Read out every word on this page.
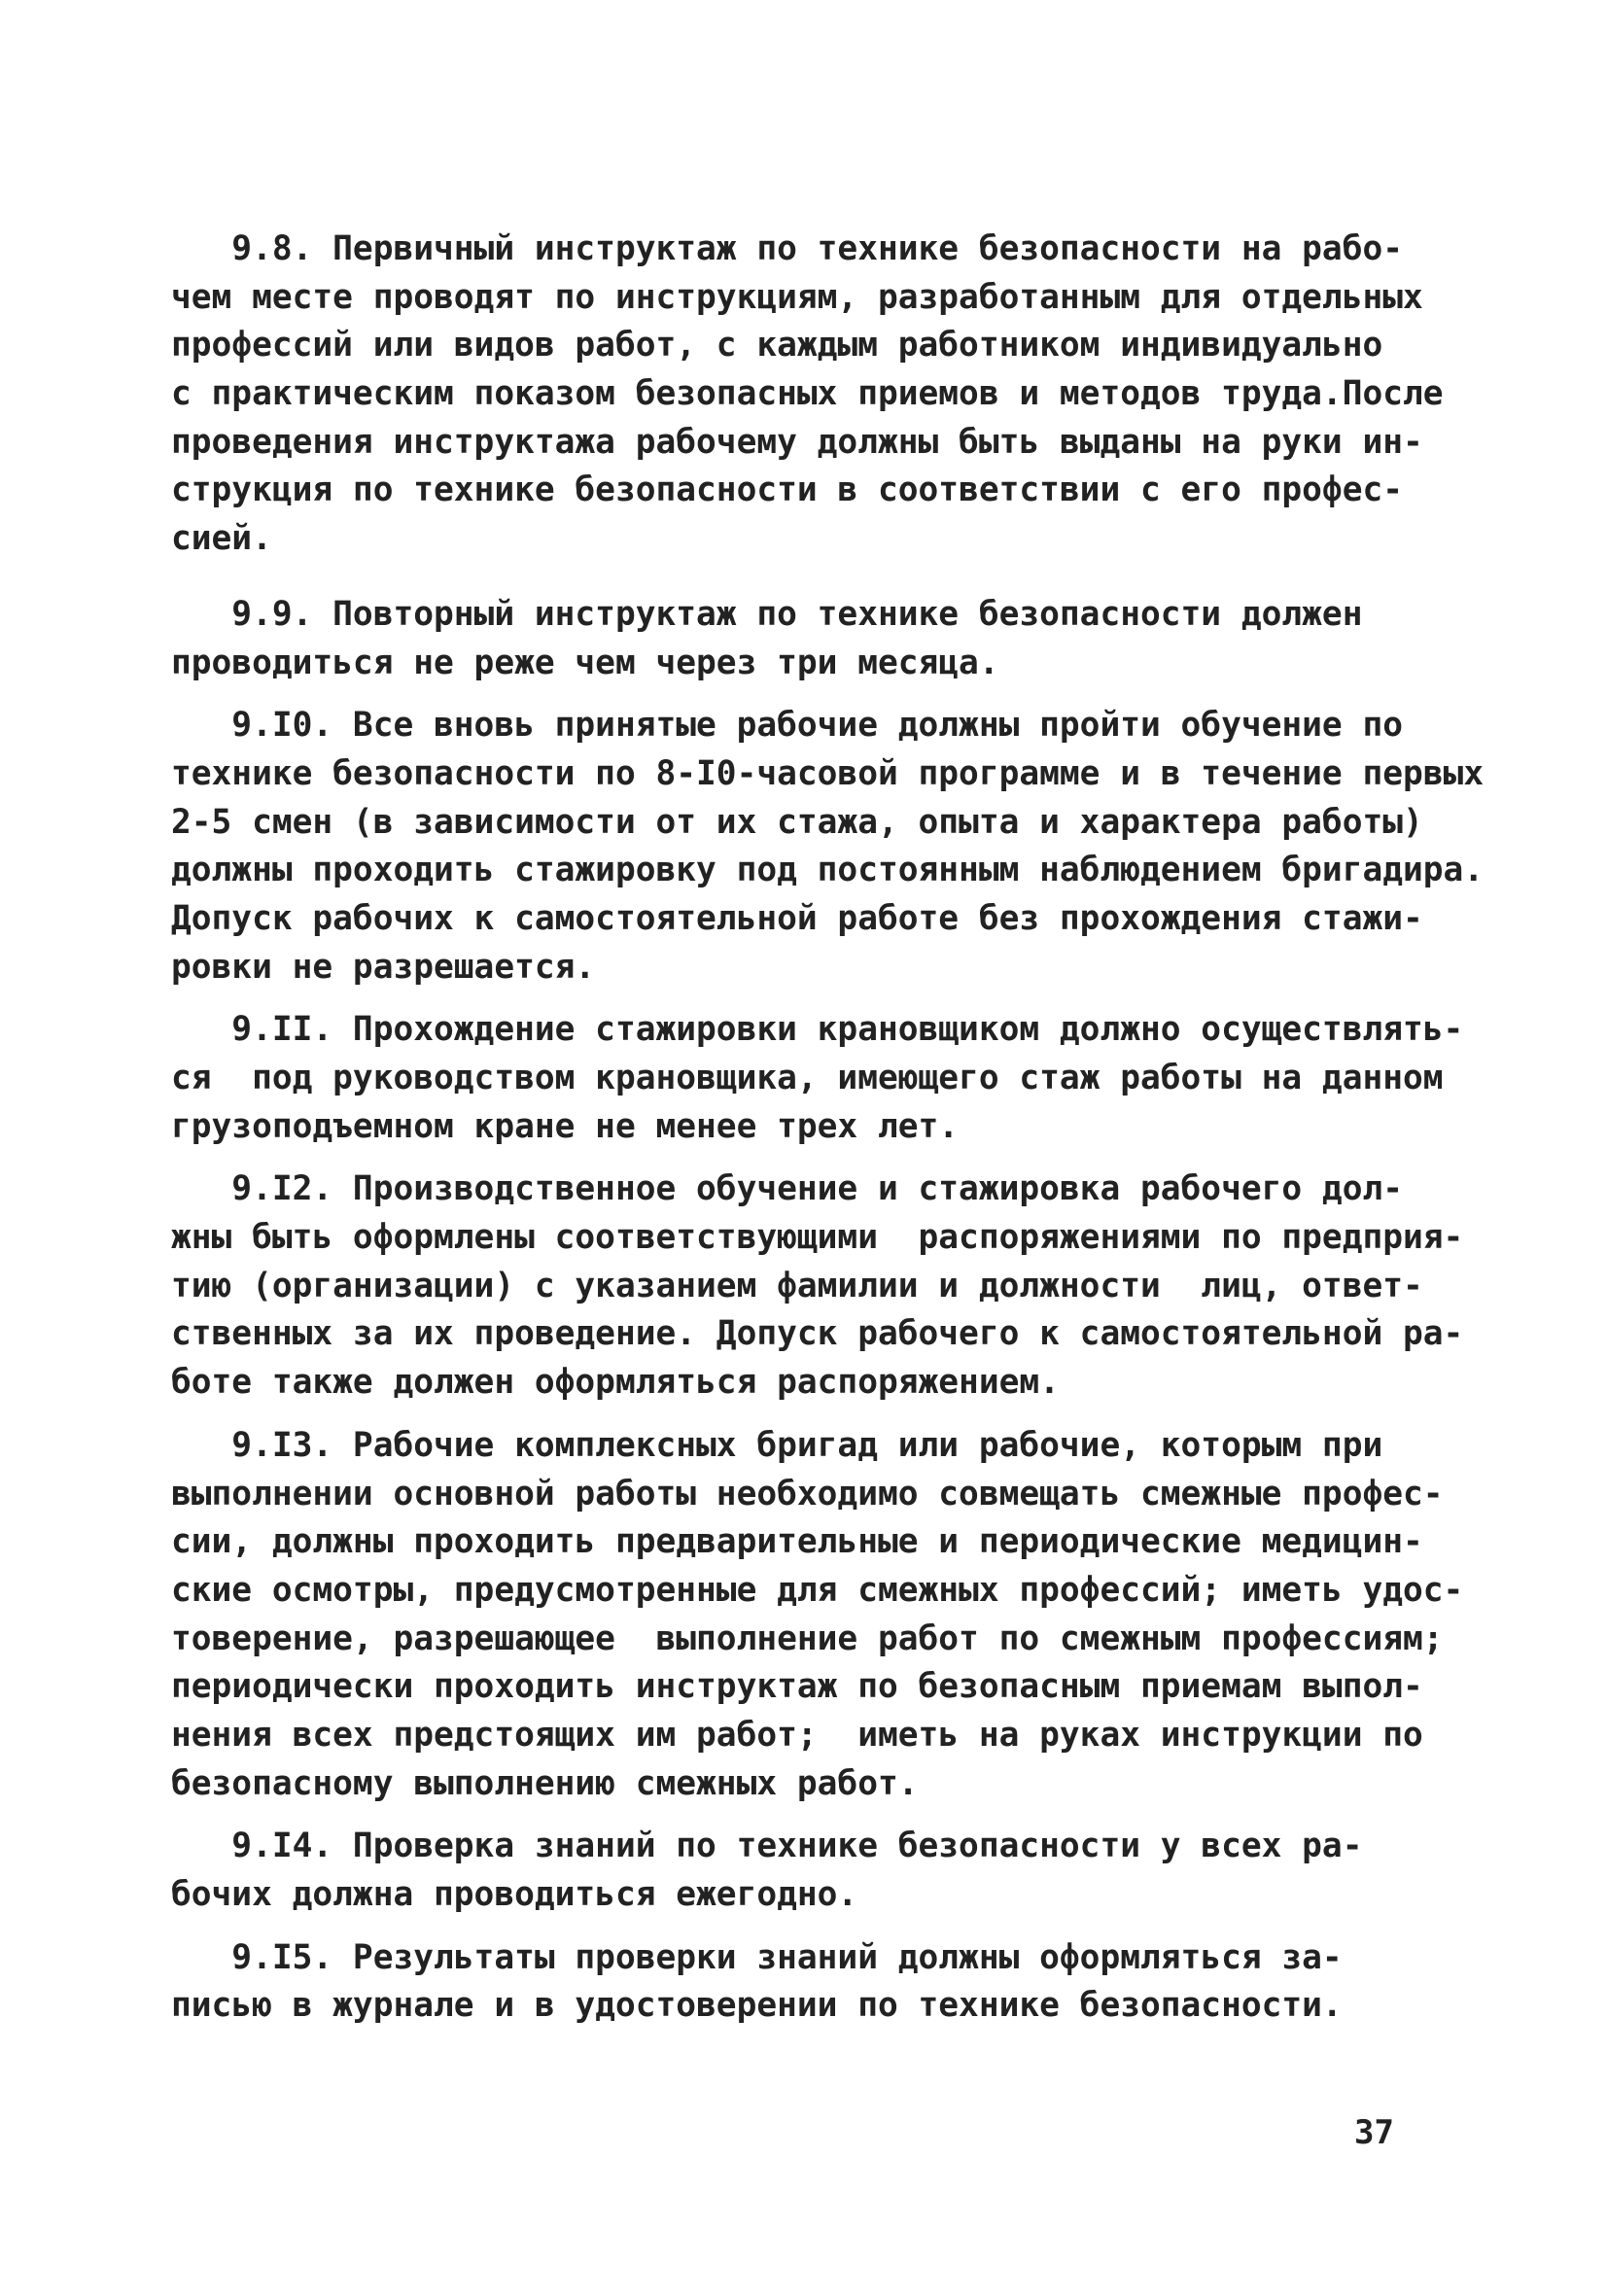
9.8. Первичный инструктаж по технике безопасности на рабо-
чем месте проводят по инструкциям, разработанным для отдельных
профессий или видов работ, с каждым работником индивидуально
с практическим показом безопасных приемов и методов труда.После
проведения инструктажа рабочему должны быть выданы на руки ин-
струкция по технике безопасности в соответствии с его профес-
сией.
9.9. Повторный инструктаж по технике безопасности должен
проводиться не реже чем через три месяца.
9.I0. Все вновь принятые рабочие должны пройти обучение по
технике безопасности по 8-I0-часовой программе и в течение первых
2-5 смен (в зависимости от их стажа, опыта и характера работы)
должны проходить стажировку под постоянным наблюдением бригадира.
Допуск рабочих к самостоятельной работе без прохождения стажи-
ровки не разрешается.
9.II. Прохождение стажировки крановщиком должно осуществлять-
ся  под руководством крановщика, имеющего стаж работы на данном
грузоподъемном кране не менее трех лет.
9.I2. Производственное обучение и стажировка рабочего дол-
жны быть оформлены соответствующими  распоряжениями по предприя-
тию (организации) с указанием фамилии и должности  лиц, ответ-
ственных за их проведение. Допуск рабочего к самостоятельной ра-
боте также должен оформляться распоряжением.
9.I3. Рабочие комплексных бригад или рабочие, которым при
выполнении основной работы необходимо совмещать смежные профес-
сии, должны проходить предварительные и периодические медицин-
ские осмотры, предусмотренные для смежных профессий; иметь удос-
товерение, разрешающее  выполнение работ по смежным профессиям;
периодически проходить инструктаж по безопасным приемам выпол-
нения всех предстоящих им работ;  иметь на руках инструкции по
безопасному выполнению смежных работ.
9.I4. Проверка знаний по технике безопасности у всех ра-
бочих должна проводиться ежегодно.
9.I5. Результаты проверки знаний должны оформляться за-
писью в журнале и в удостоверении по технике безопасности.
37
